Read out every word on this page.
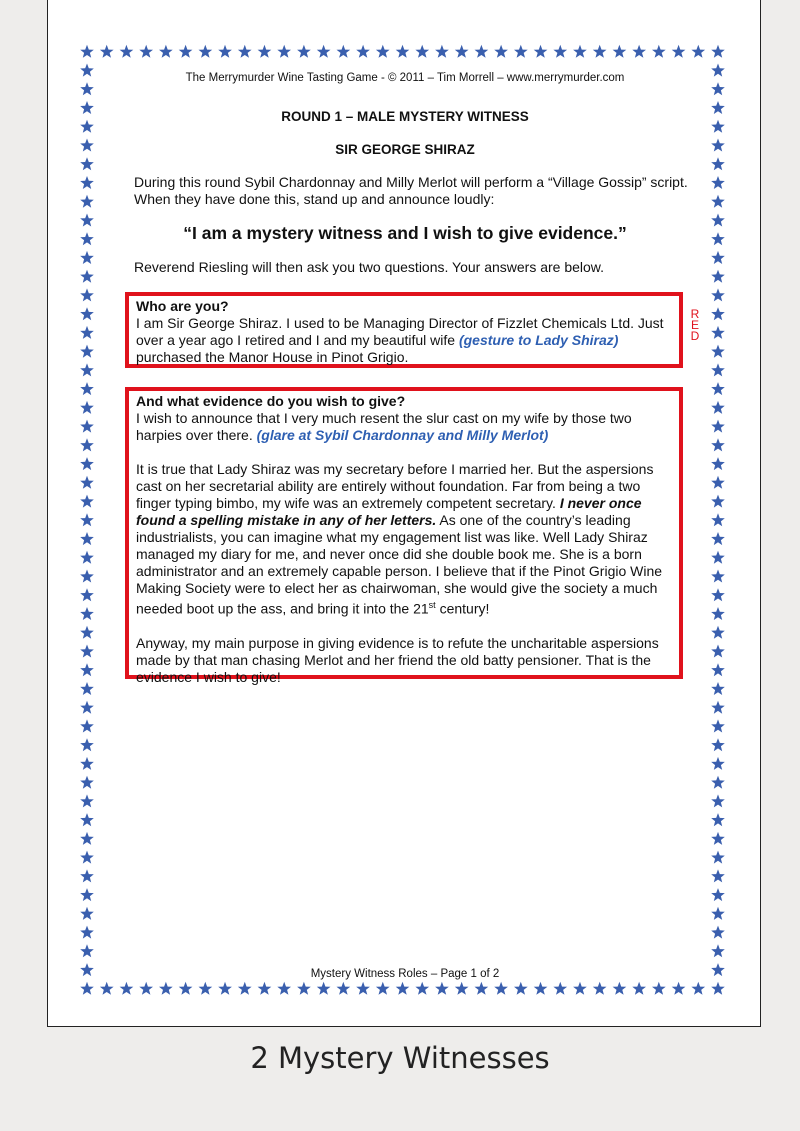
The Merrymurder Wine Tasting Game - © 2011 – Tim Morrell – www.merrymurder.com
ROUND 1 – MALE MYSTERY WITNESS
SIR GEORGE SHIRAZ

During this round Sybil Chardonnay and Milly Merlot will perform a “Village Gossip” script. When they have done this, stand up and announce loudly:

“I am a mystery witness and I wish to give evidence.”

Reverend Riesling will then ask you two questions. Your answers are below.

Who are you?

I am Sir George Shiraz. I used to be Managing Director of Fizzlet Chemicals Ltd. Just over a year ago I retired and I and my beautiful wife (gesture to Lady Shiraz) purchased the Manor House in Pinot Grigio.

R
E
D

And what evidence do you wish to give?

I wish to announce that I very much resent the slur cast on my wife by those two harpies over there. (glare at Sybil Chardonnay and Milly Merlot)

It is true that Lady Shiraz was my secretary before I married her. But the aspersions cast on her secretarial ability are entirely without foundation. Far from being a two finger typing bimbo, my wife was an extremely competent secretary. I never once found a spelling mistake in any of her letters. As one of the country’s leading industrialists, you can imagine what my engagement list was like. Well Lady Shiraz managed my diary for me, and never once did she double book me. She is a born administrator and an extremely capable person. I believe that if the Pinot Grigio Wine Making Society were to elect her as chairwoman, she would give the society a much needed boot up the ass, and bring it into the 21st century!

Anyway, my main purpose in giving evidence is to refute the uncharitable aspersions made by that man chasing Merlot and her friend the old batty pensioner. That is the evidence I wish to give!

Mystery Witness Roles – Page 1 of 2
2 Mystery Witnesses
